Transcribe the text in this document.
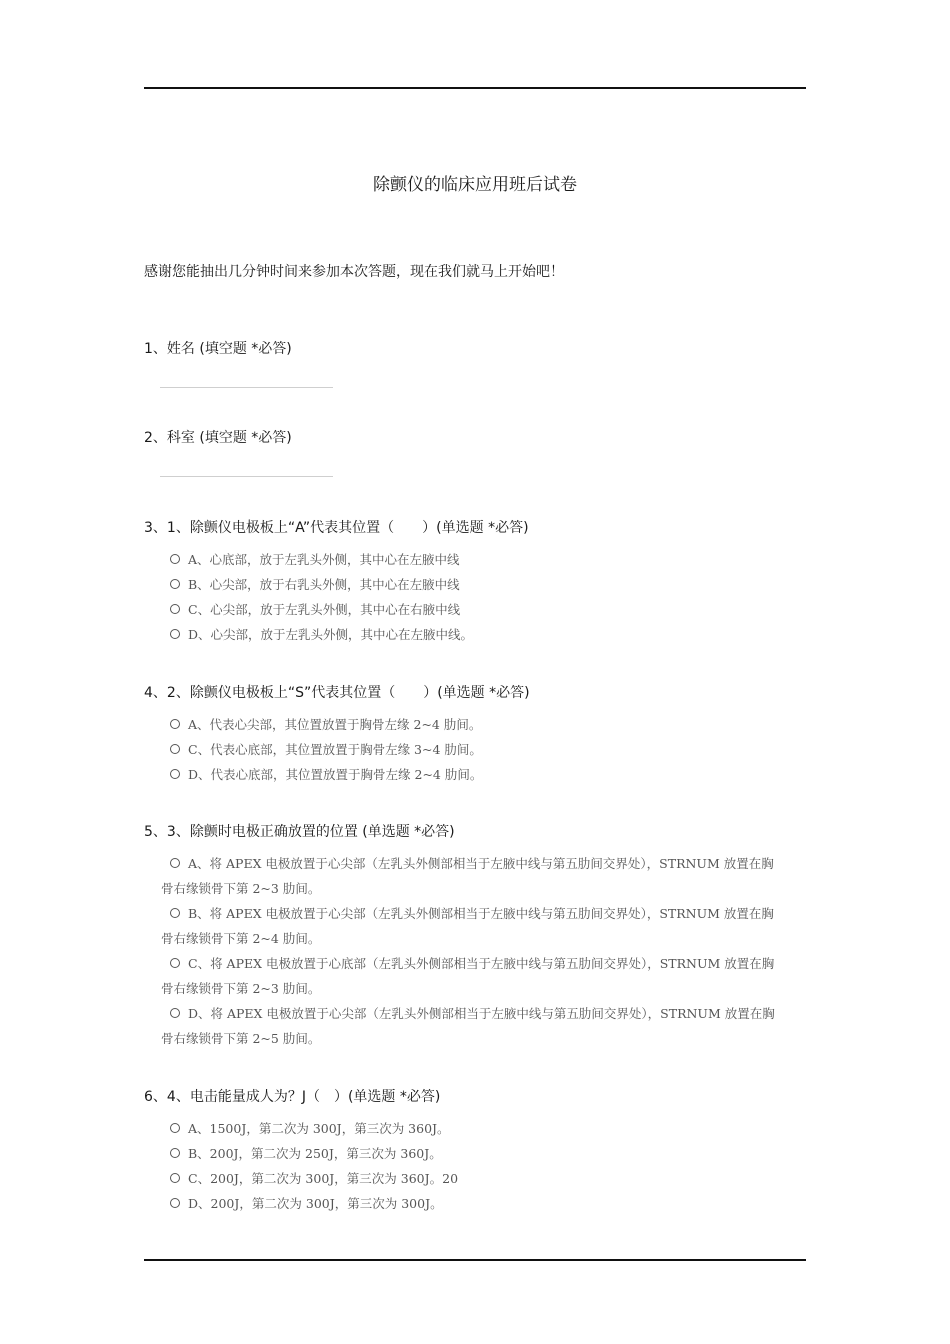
除颤仪的临床应用班后试卷
感谢您能抽出几分钟时间来参加本次答题，现在我们就马上开始吧！

1、姓名 (填空题 *必答)

2、科室 (填空题 *必答)

3、1、除颤仪电极板上“A”代表其位置（　　）(单选题 *必答)

A、心底部，放于左乳头外侧，其中心在左腋中线
B、心尖部，放于右乳头外侧，其中心在左腋中线
C、心尖部，放于左乳头外侧，其中心在右腋中线
D、心尖部，放于左乳头外侧，其中心在左腋中线。

4、2、除颤仪电极板上“S”代表其位置（　　）(单选题 *必答)

A、代表心尖部，其位置放置于胸骨左缘 2~4 肋间。
C、代表心底部，其位置放置于胸骨左缘 3~4 肋间。
D、代表心底部，其位置放置于胸骨左缘 2~4 肋间。

5、3、除颤时电极正确放置的位置 (单选题 *必答)

A、将 APEX 电极放置于心尖部（左乳头外侧部相当于左腋中线与第五肋间交界处），STRNUM 放置在胸骨右缘锁骨下第 2~3 肋间。
B、将 APEX 电极放置于心尖部（左乳头外侧部相当于左腋中线与第五肋间交界处），STRNUM 放置在胸骨右缘锁骨下第 2~4 肋间。
C、将 APEX 电极放置于心底部（左乳头外侧部相当于左腋中线与第五肋间交界处），STRNUM 放置在胸骨右缘锁骨下第 2~3 肋间。
D、将 APEX 电极放置于心尖部（左乳头外侧部相当于左腋中线与第五肋间交界处），STRNUM 放置在胸骨右缘锁骨下第 2~5 肋间。

6、4、电击能量成人为？J（　）(单选题 *必答)

A、1500J，第二次为 300J，第三次为 360J。
B、200J，第二次为 250J，第三次为 360J。
C、200J，第二次为 300J，第三次为 360J。20
D、200J，第二次为 300J，第三次为 300J。
